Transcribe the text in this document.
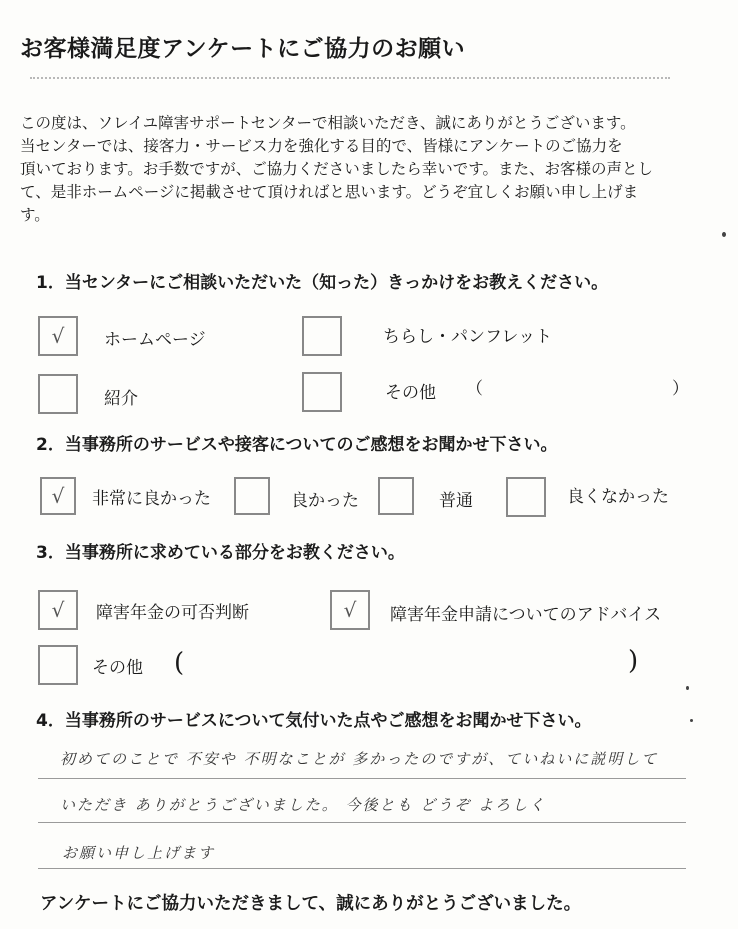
お客様満足度アンケートにご協力のお願い
この度は、ソレイユ障害サポートセンターで相談いただき、誠にありがとうございます。
当センターでは、接客力・サービス力を強化する目的で、皆様にアンケートのご協力を
頂いております。お手数ですが、ご協力くださいましたら幸いです。また、お客様の声とし
て、是非ホームページに掲載させて頂ければと思います。どうぞ宜しくお願い申し上げま
す。
1．当センターにご相談いただいた（知った）きっかけをお教えください。
√	ホームページ	ちらし・パンフレット
紹介	その他 （	）
2．当事務所のサービスや接客についてのご感想をお聞かせ下さい。
√	非常に良かった	良かった	普通	良くなかった
3．当事務所に求めている部分をお教ください。
√	障害年金の可否判断	√	障害年金申請についてのアドバイス
その他 (	)
4．当事務所のサービスについて気付いた点やご感想をお聞かせ下さい。
初めてのことで 不安や 不明なことが 多かったのですが、ていねいに説明して
いただき ありがとうございました。 今後とも どうぞ よろしく
お願い申し上げます
アンケートにご協力いただきまして、誠にありがとうございました。
